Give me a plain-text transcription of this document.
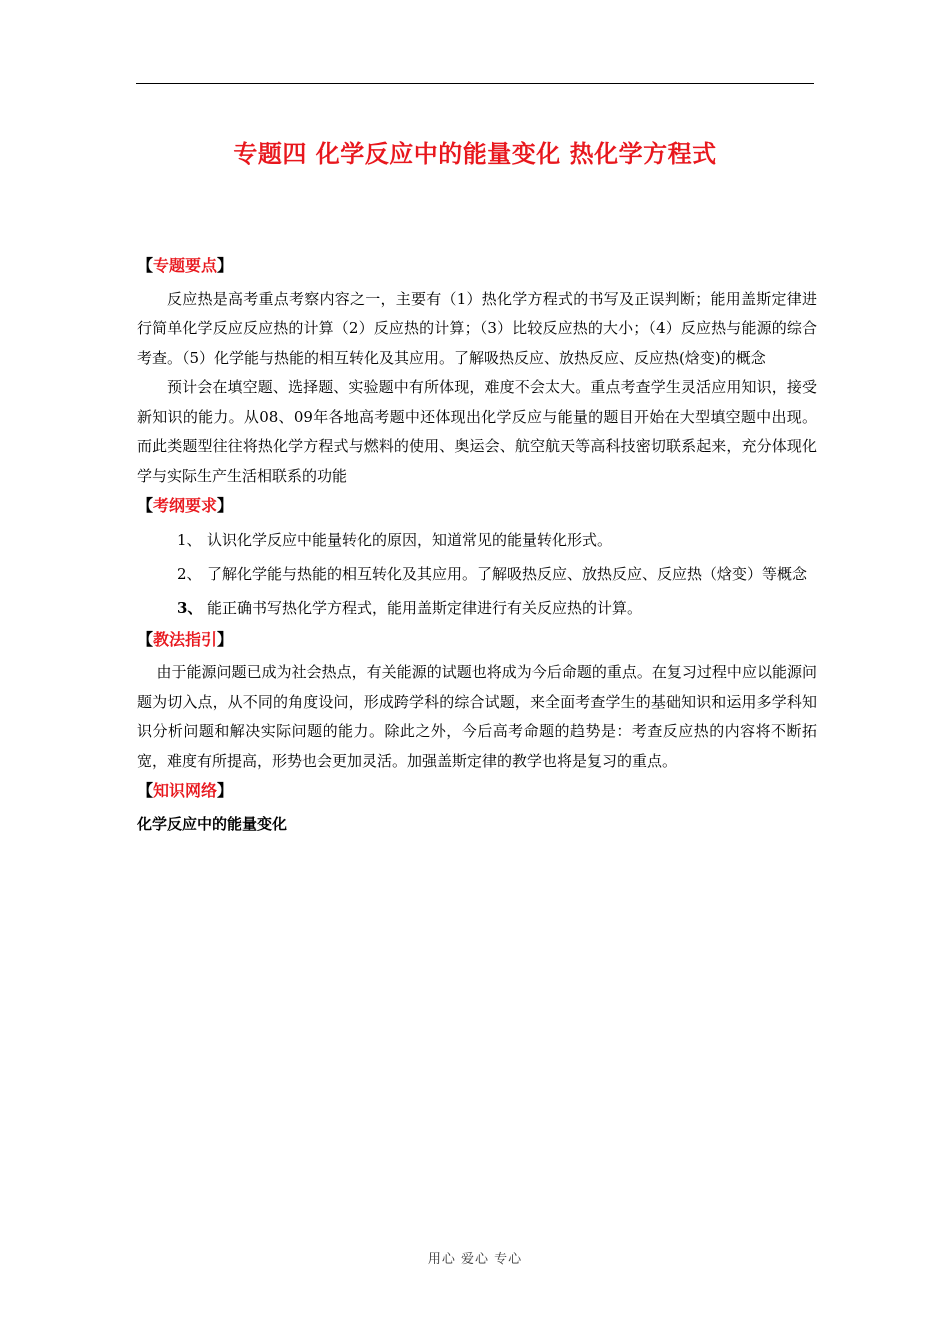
专题四 化学反应中的能量变化 热化学方程式
【专题要点】

反应热是高考重点考察内容之一，主要有（1）热化学方程式的书写及正误判断；能用盖斯定律进行简单化学反应反应热的计算（2）反应热的计算；（3）比较反应热的大小；（4）反应热与能源的综合考查。（5）化学能与热能的相互转化及其应用。了解吸热反应、放热反应、反应热(焓变)的概念

预计会在填空题、选择题、实验题中有所体现，难度不会太大。重点考查学生灵活应用知识，接受新知识的能力。从08、09年各地高考题中还体现出化学反应与能量的题目开始在大型填空题中出现。而此类题型往往将热化学方程式与燃料的使用、奥运会、航空航天等高科技密切联系起来，充分体现化学与实际生产生活相联系的功能

【考纲要求】
1、 认识化学反应中能量转化的原因，知道常见的能量转化形式。
2、 了解化学能与热能的相互转化及其应用。了解吸热反应、放热反应、反应热（焓变）等概念
3、 能正确书写热化学方程式，能用盖斯定律进行有关反应热的计算。
【教法指引】

由于能源问题已成为社会热点，有关能源的试题也将成为今后命题的重点。在复习过程中应以能源问题为切入点，从不同的角度设问，形成跨学科的综合试题，来全面考查学生的基础知识和运用多学科知识分析问题和解决实际问题的能力。除此之外，今后高考命题的趋势是：考查反应热的内容将不断拓宽，难度有所提高，形势也会更加灵活。加强盖斯定律的教学也将是复习的重点。

【知识网络】
化学反应中的能量变化
用心 爱心 专心
